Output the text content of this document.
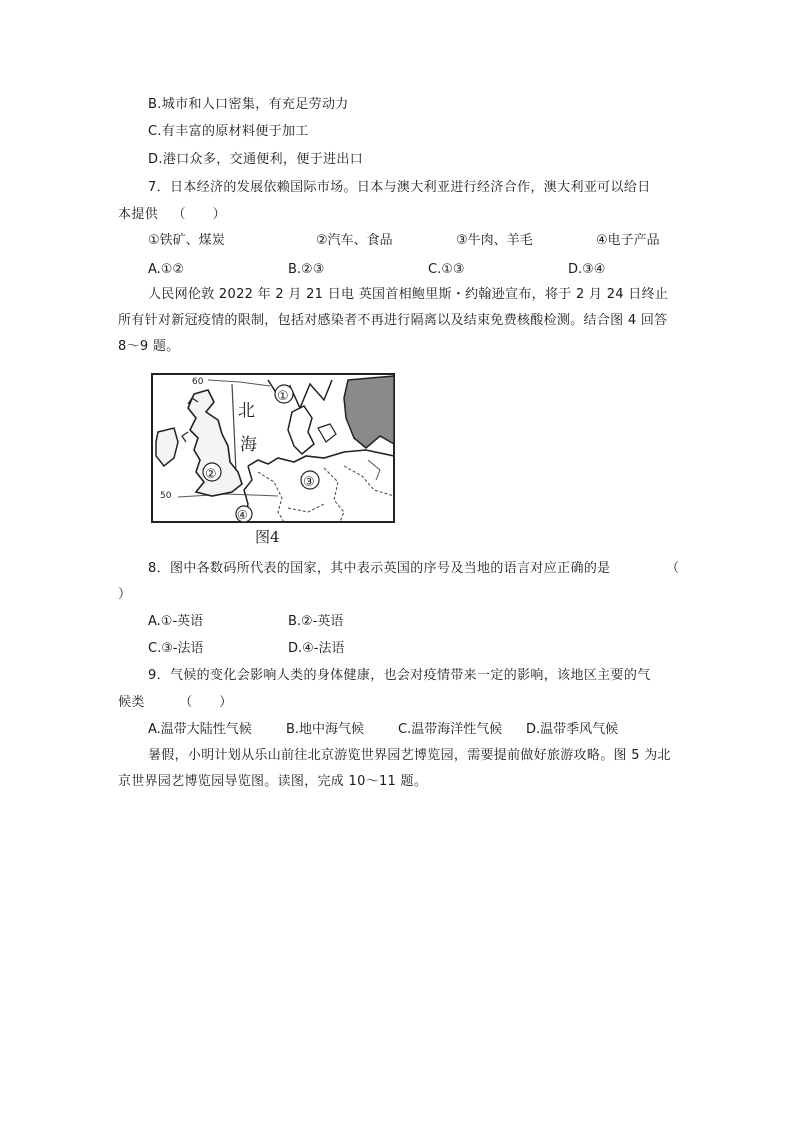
B.城市和人口密集，有充足劳动力
C.有丰富的原材料便于加工
D.港口众多，交通便利，便于进出口
7．日本经济的发展依赖国际市场。日本与澳大利亚进行经济合作，澳大利亚可以给日
本提供 （　　）
①铁矿、煤炭	②汽车、食品	③牛肉、羊毛	④电子产品
A.①②	B.②③	C.①③	D.③④
人民网伦敦 2022 年 2 月 21 日电 英国首相鲍里斯・约翰逊宣布，将于 2 月 24 日终止所有针对新冠疫情的限制，包括对感染者不再进行隔离以及结束免费核酸检测。结合图 4 回答 8～9 题。
60
50
北
海
①
②
③
④
图4
8．图中各数码所代表的国家，其中表示英国的序号及当地的语言对应正确的是	（
）
A.①-英语	B.②-英语
C.③-法语	D.④-法语
9．气候的变化会影响人类的身体健康，也会对疫情带来一定的影响，该地区主要的气
候类	（　　）
A.温带大陆性气候	B.地中海气候	C.温带海洋性气候 D.温带季风气候
暑假，小明计划从乐山前往北京游览世界园艺博览园，需要提前做好旅游攻略。图 5 为北京世界园艺博览园导览图。读图，完成 10～11 题。
